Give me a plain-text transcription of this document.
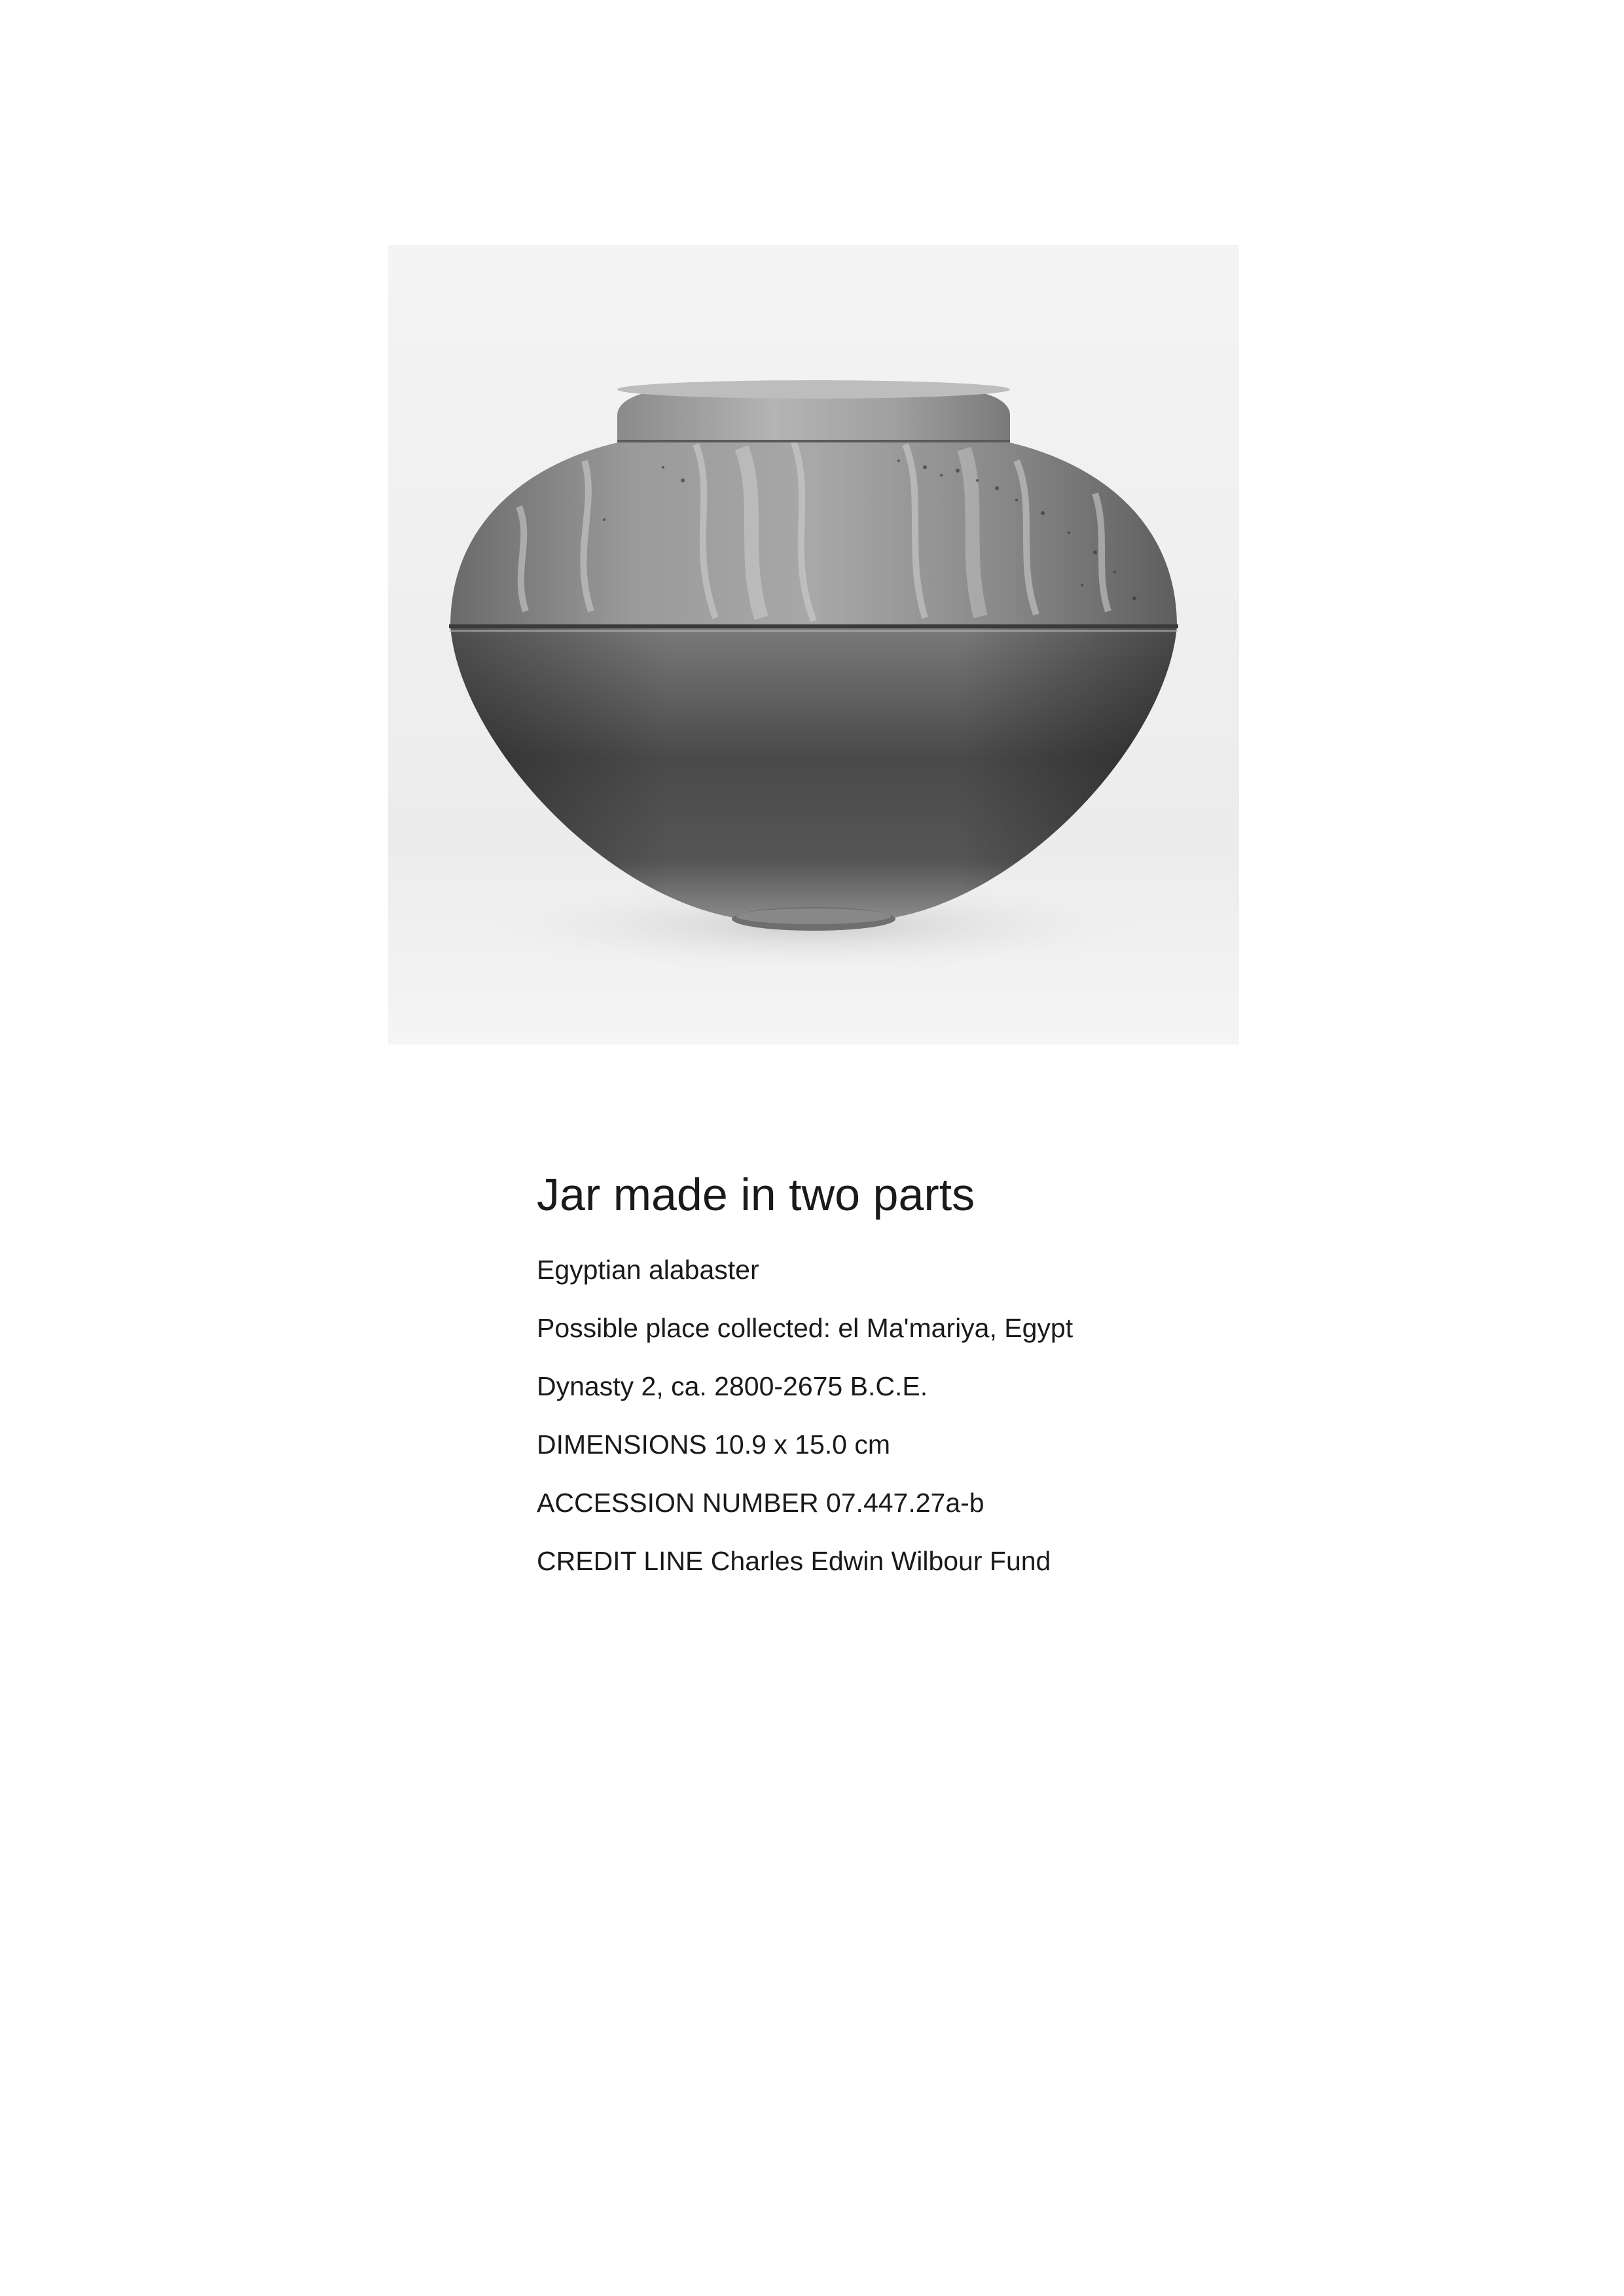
Jar made in two parts
Egyptian alabaster
Possible place collected: el Ma'mariya, Egypt
Dynasty 2, ca. 2800-2675 B.C.E.
DIMENSIONS 10.9 x 15.0 cm
ACCESSION NUMBER 07.447.27a-b
CREDIT LINE Charles Edwin Wilbour Fund
